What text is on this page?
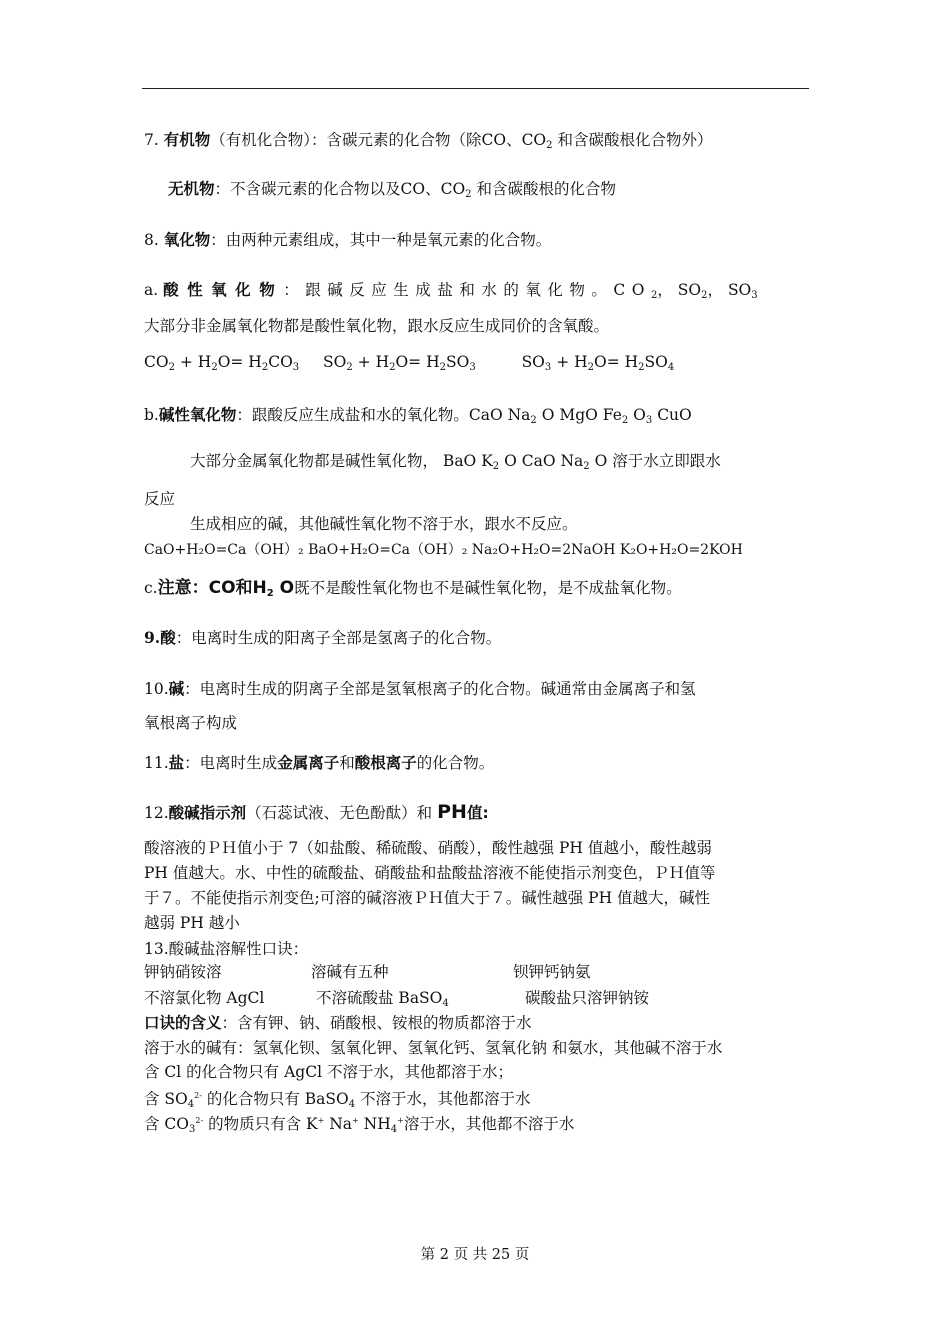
7. 有机物（有机化合物）：含碳元素的化合物（除CO、$CO_2$ 和含碳酸根化合物外）
无机物：不含碳元素的化合物以及CO、$CO_2$ 和含碳酸根的化合物
8. 氧化物：由两种元素组成，其中一种是氧元素的化合物。
a. 酸性氧化物：跟碱反应生成盐和水的氧化物。$CO_2$， $SO_2$， $SO_3$
大部分非金属氧化物都是酸性氧化物，跟水反应生成同价的含氧酸。
$CO_2 + H_2O= H_2CO_3$ $SO_2 + H_2O= H_2SO_3$	$SO_3 + H_2O= H_2SO_4$
b.碱性氧化物：跟酸反应生成盐和水的氧化物。CaO $Na_2$ O MgO $Fe_2$ $O_3$ CuO
大部分金属氧化物都是碱性氧化物， BaO $K_2$ O CaO $Na_2$ O 溶于水立即跟水
反应
生成相应的碱，其他碱性氧化物不溶于水，跟水不反应。
CaO+H₂O=Ca（OH）₂ BaO+H₂O=Ca（OH）₂ Na₂O+H₂O=2NaOH K₂O+H₂O=2KOH
c.注意：CO和$H_2$ O既不是酸性氧化物也不是碱性氧化物，是不成盐氧化物。
9.酸：电离时生成的阳离子全部是氢离子的化合物。
10.碱：电离时生成的阴离子全部是氢氧根离子的化合物。碱通常由金属离子和氢
氧根离子构成
11.盐：电离时生成金属离子和酸根离子的化合物。
12.酸碱指示剂（石蕊试液、无色酚酞）和 PH值:
酸溶液的ＰＨ值小于 7（如盐酸、稀硫酸、硝酸），酸性越强 PH 值越小，酸性越弱
PH 值越大。水、中性的硫酸盐、硝酸盐和盐酸盐溶液不能使指示剂变色，ＰＨ值等
于７。不能使指示剂变色;可溶的碱溶液ＰＨ值大于７。碱性越强 PH 值越大，碱性
越弱 PH 越小
13.酸碱盐溶解性口诀：
钾钠硝铵溶	溶碱有五种	钡钾钙钠氨
不溶氯化物 AgCl	不溶硫酸盐 BaSO$_4$	碳酸盐只溶钾钠铵
口诀的含义：含有钾、钠、硝酸根、铵根的物质都溶于水
溶于水的碱有：氢氧化钡、氢氧化钾、氢氧化钙、氢氧化钠 和氨水，其他碱不溶于水
含 Cl 的化合物只有 AgCl 不溶于水，其他都溶于水；
含 $SO_4^{2-}$ 的化合物只有 BaSO$_4$ 不溶于水，其他都溶于水
含 $CO_3^{2-}$ 的物质只有含 K+ Na+ $NH_4^+$溶于水，其他都不溶于水
第 2 页 共 25 页
